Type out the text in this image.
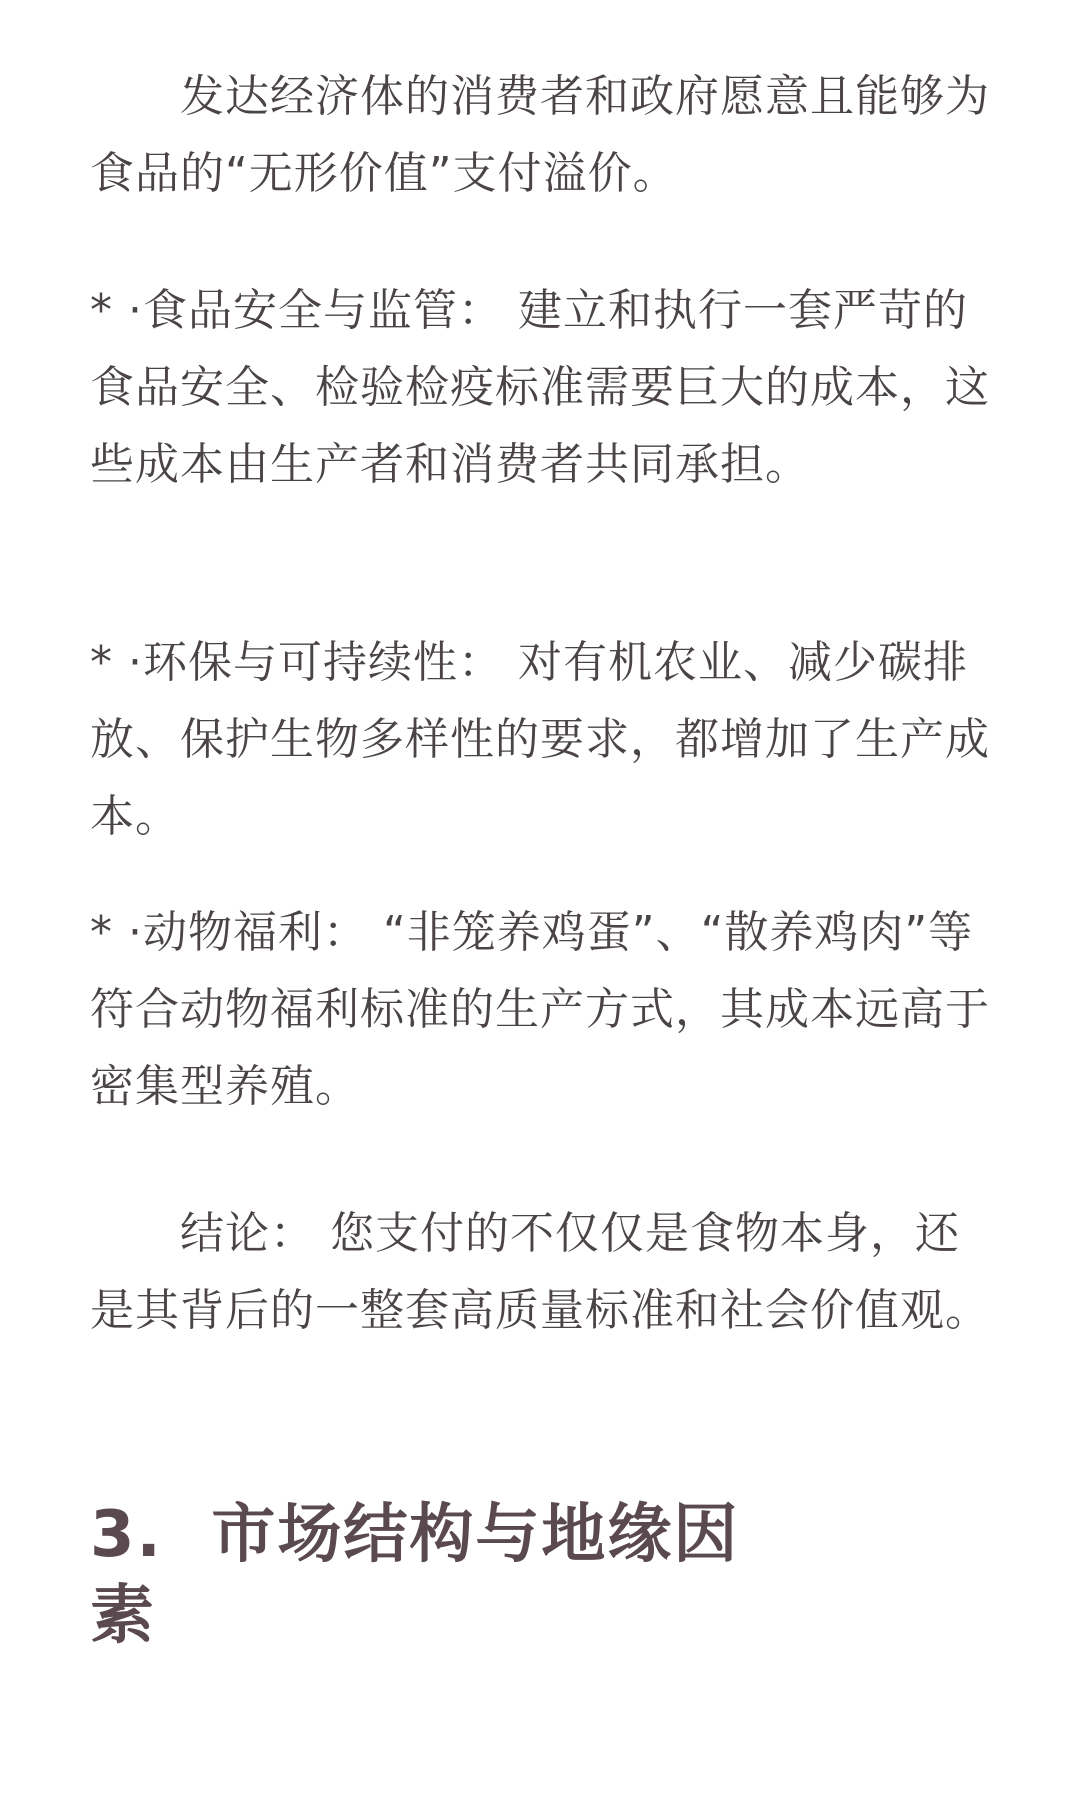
发达经济体的消费者和政府愿意且能够为食品的“无形价值”支付溢价。

* ·食品安全与监管： 建立和执行一套严苛的食品安全、检验检疫标准需要巨大的成本，这些成本由生产者和消费者共同承担。

* ·环保与可持续性： 对有机农业、减少碳排放、保护生物多样性的要求，都增加了生产成本。

* ·动物福利： “非笼养鸡蛋”、“散养鸡肉”等符合动物福利标准的生产方式，其成本远高于密集型养殖。

结论： 您支付的不仅仅是食物本身，还是其背后的一整套高质量标准和社会价值观。

3. 市场结构与地缘因素
